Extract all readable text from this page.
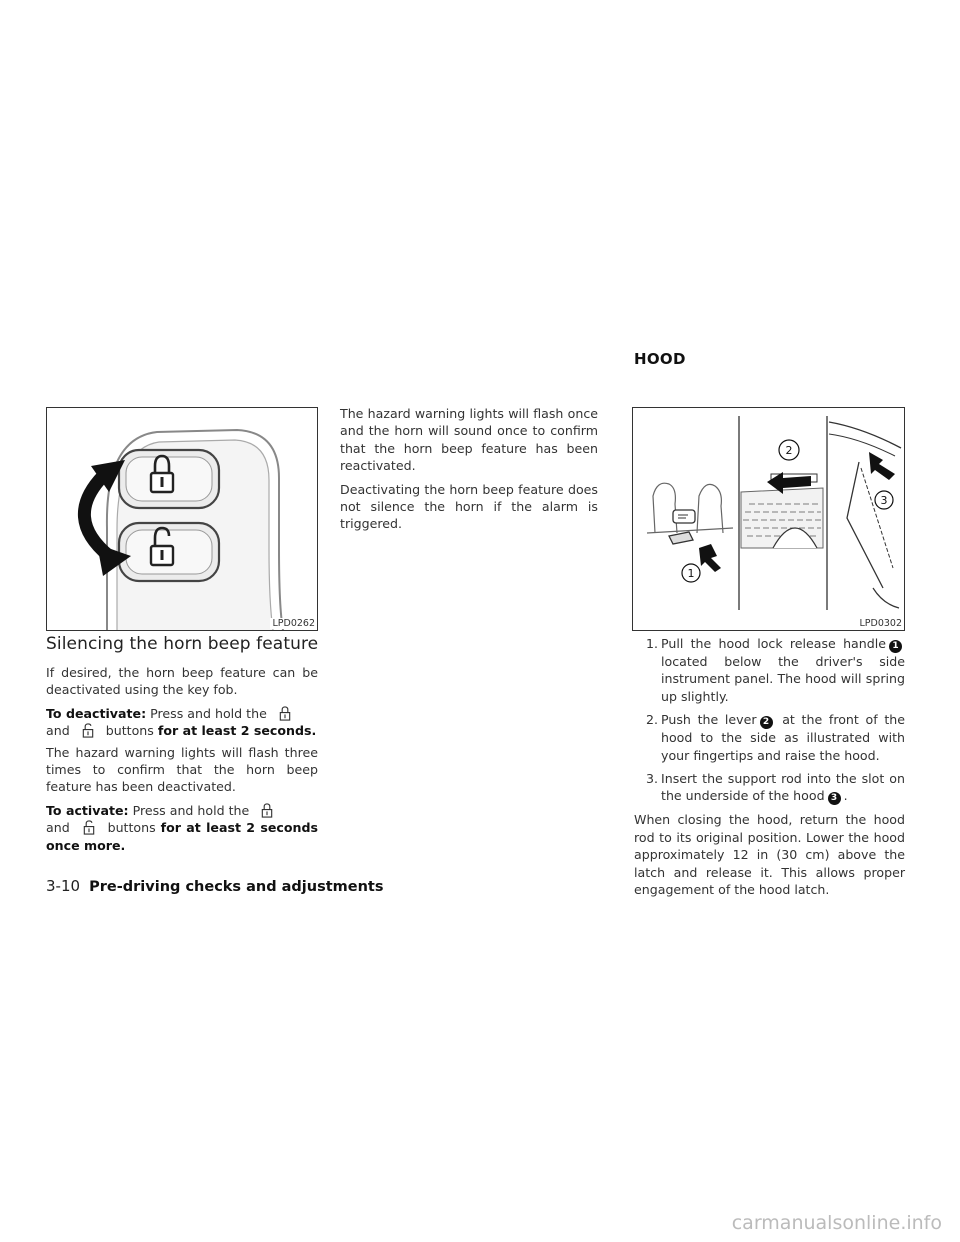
LPD0262
Silencing the horn beep feature

If desired, the horn beep feature can be deactivated using the key fob.

To deactivate: Press and hold the
and	buttons for at least 2 seconds.

The hazard warning lights will flash three times to confirm that the horn beep feature has been deactivated.

To activate: Press and hold the
and	buttons for at least 2 seconds once more.

The hazard warning lights will flash once and the horn will sound once to confirm that the horn beep feature has been reactivated.

Deactivating the horn beep feature does not silence the horn if the alarm is triggered.

HOOD
1
2
3
LPD0302
1. Pull the hood lock release handle 1 located below the driver's side instrument panel. The hood will spring up slightly.
2. Push the lever 2 at the front of the hood to the side as illustrated with your fingertips and raise the hood.
3. Insert the support rod into the slot on the underside of the hood 3 .

When closing the hood, return the hood rod to its original position. Lower the hood approximately 12 in (30 cm) above the latch and release it. This allows proper engagement of the hood latch.

3-10 Pre-driving checks and adjustments
carmanualsonline.info
